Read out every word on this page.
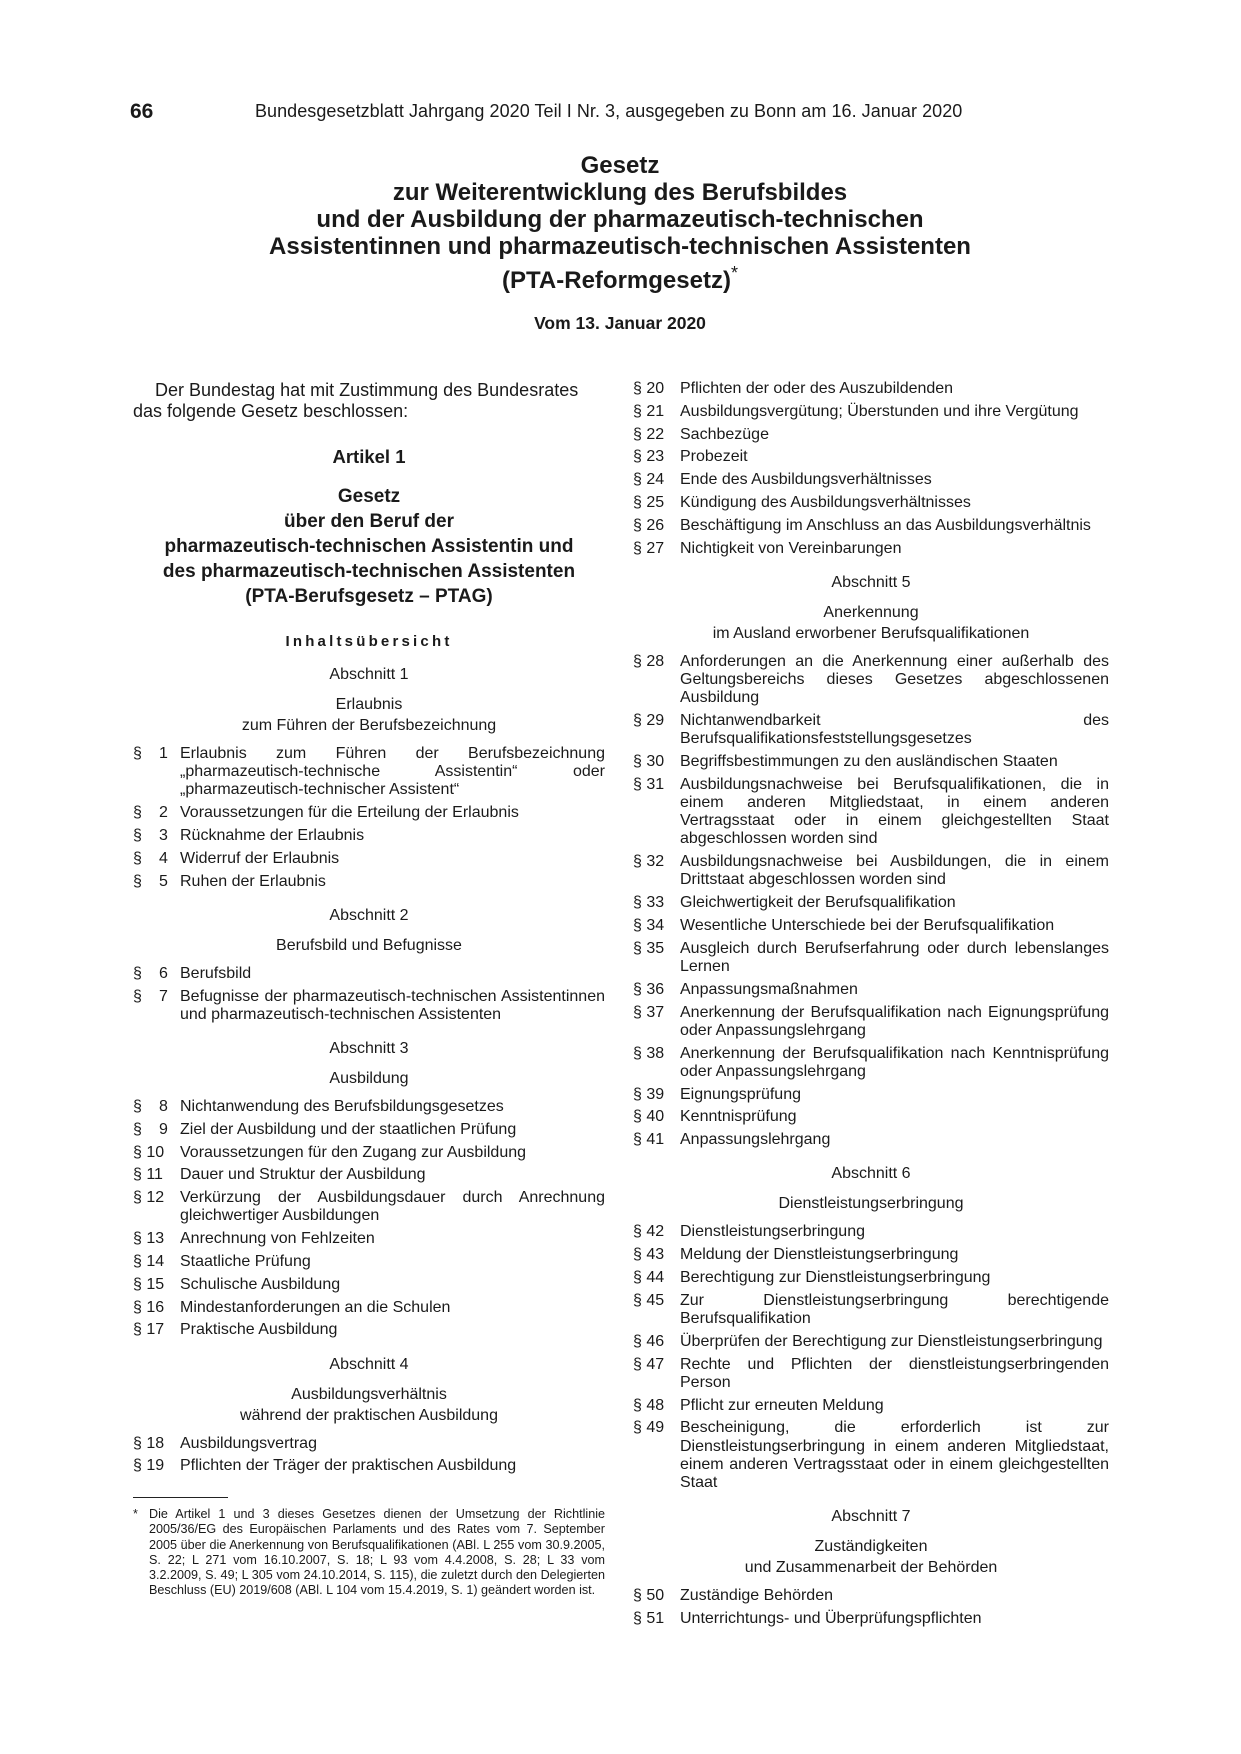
66	Bundesgesetzblatt Jahrgang 2020 Teil I Nr. 3, ausgegeben zu Bonn am 16. Januar 2020
Gesetz
zur Weiterentwicklung des Berufsbildes
und der Ausbildung der pharmazeutisch-technischen
Assistentinnen und pharmazeutisch-technischen Assistenten
(PTA-Reformgesetz)*
Vom 13. Januar 2020

Der Bundestag hat mit Zustimmung des Bundesrates das folgende Gesetz beschlossen:

Artikel 1
Gesetz
über den Beruf der
pharmazeutisch-technischen Assistentin und
des pharmazeutisch-technischen Assistenten
(PTA-Berufsgesetz – PTAG)
Inhaltsübersicht
Abschnitt 1
Erlaubnis
zum Führen der Berufsbezeichnung
§ 1 Erlaubnis zum Führen der Berufsbezeichnung „pharmazeutisch-technische Assistentin“ oder „pharmazeutisch-technischer Assistent“
§ 2 Voraussetzungen für die Erteilung der Erlaubnis
§ 3 Rücknahme der Erlaubnis
§ 4 Widerruf der Erlaubnis
§ 5 Ruhen der Erlaubnis
Abschnitt 2
Berufsbild und Befugnisse
§ 6 Berufsbild
§ 7 Befugnisse der pharmazeutisch-technischen Assistentinnen und pharmazeutisch-technischen Assistenten
Abschnitt 3
Ausbildung
§ 8 Nichtanwendung des Berufsbildungsgesetzes
§ 9 Ziel der Ausbildung und der staatlichen Prüfung
§ 10 Voraussetzungen für den Zugang zur Ausbildung
§ 11	Dauer und Struktur der Ausbildung
§ 12 Verkürzung der Ausbildungsdauer durch Anrechnung gleichwertiger Ausbildungen
§ 13 Anrechnung von Fehlzeiten
§ 14 Staatliche Prüfung
§ 15 Schulische Ausbildung
§ 16 Mindestanforderungen an die Schulen
§ 17 Praktische Ausbildung
Abschnitt 4
Ausbildungsverhältnis
während der praktischen Ausbildung
§ 18 Ausbildungsvertrag
§ 19 Pflichten der Träger der praktischen Ausbildung
§ 20 Pflichten der oder des Auszubildenden
§ 21 Ausbildungsvergütung; Überstunden und ihre Vergütung
§ 22 Sachbezüge
§ 23 Probezeit
§ 24 Ende des Ausbildungsverhältnisses
§ 25 Kündigung des Ausbildungsverhältnisses
§ 26 Beschäftigung im Anschluss an das Ausbildungsverhältnis
§ 27 Nichtigkeit von Vereinbarungen
Abschnitt 5
Anerkennung
im Ausland erworbener Berufsqualifikationen
§ 28 Anforderungen an die Anerkennung einer außerhalb des Geltungsbereichs dieses Gesetzes abgeschlossenen Ausbildung
§ 29 Nichtanwendbarkeit des Berufsqualifikationsfeststellungsgesetzes
§ 30 Begriffsbestimmungen zu den ausländischen Staaten
§ 31 Ausbildungsnachweise bei Berufsqualifikationen, die in einem anderen Mitgliedstaat, in einem anderen Vertragsstaat oder in einem gleichgestellten Staat abgeschlossen worden sind
§ 32 Ausbildungsnachweise bei Ausbildungen, die in einem Drittstaat abgeschlossen worden sind
§ 33 Gleichwertigkeit der Berufsqualifikation
§ 34 Wesentliche Unterschiede bei der Berufsqualifikation
§ 35 Ausgleich durch Berufserfahrung oder durch lebenslanges Lernen
§ 36 Anpassungsmaßnahmen
§ 37 Anerkennung der Berufsqualifikation nach Eignungsprüfung oder Anpassungslehrgang
§ 38 Anerkennung der Berufsqualifikation nach Kenntnisprüfung oder Anpassungslehrgang
§ 39 Eignungsprüfung
§ 40 Kenntnisprüfung
§ 41 Anpassungslehrgang
Abschnitt 6
Dienstleistungserbringung
§ 42 Dienstleistungserbringung
§ 43 Meldung der Dienstleistungserbringung
§ 44 Berechtigung zur Dienstleistungserbringung
§ 45 Zur Dienstleistungserbringung berechtigende Berufsqualifikation
§ 46 Überprüfen der Berechtigung zur Dienstleistungserbringung
§ 47 Rechte und Pflichten der dienstleistungserbringenden Person
§ 48 Pflicht zur erneuten Meldung
§ 49 Bescheinigung, die erforderlich ist zur Dienstleistungserbringung in einem anderen Mitgliedstaat, einem anderen Vertragsstaat oder in einem gleichgestellten Staat
Abschnitt 7
Zuständigkeiten
und Zusammenarbeit der Behörden
§ 50 Zuständige Behörden
§ 51 Unterrichtungs- und Überprüfungspflichten
* Die Artikel 1 und 3 dieses Gesetzes dienen der Umsetzung der Richtlinie 2005/36/EG des Europäischen Parlaments und des Rates vom 7. September 2005 über die Anerkennung von Berufsqualifikationen (ABl. L 255 vom 30.9.2005, S. 22; L 271 vom 16.10.2007, S. 18; L 93 vom 4.4.2008, S. 28; L 33 vom 3.2.2009, S. 49; L 305 vom 24.10.2014, S. 115), die zuletzt durch den Delegierten Beschluss (EU) 2019/608 (ABl. L 104 vom 15.4.2019, S. 1) geändert worden ist.
